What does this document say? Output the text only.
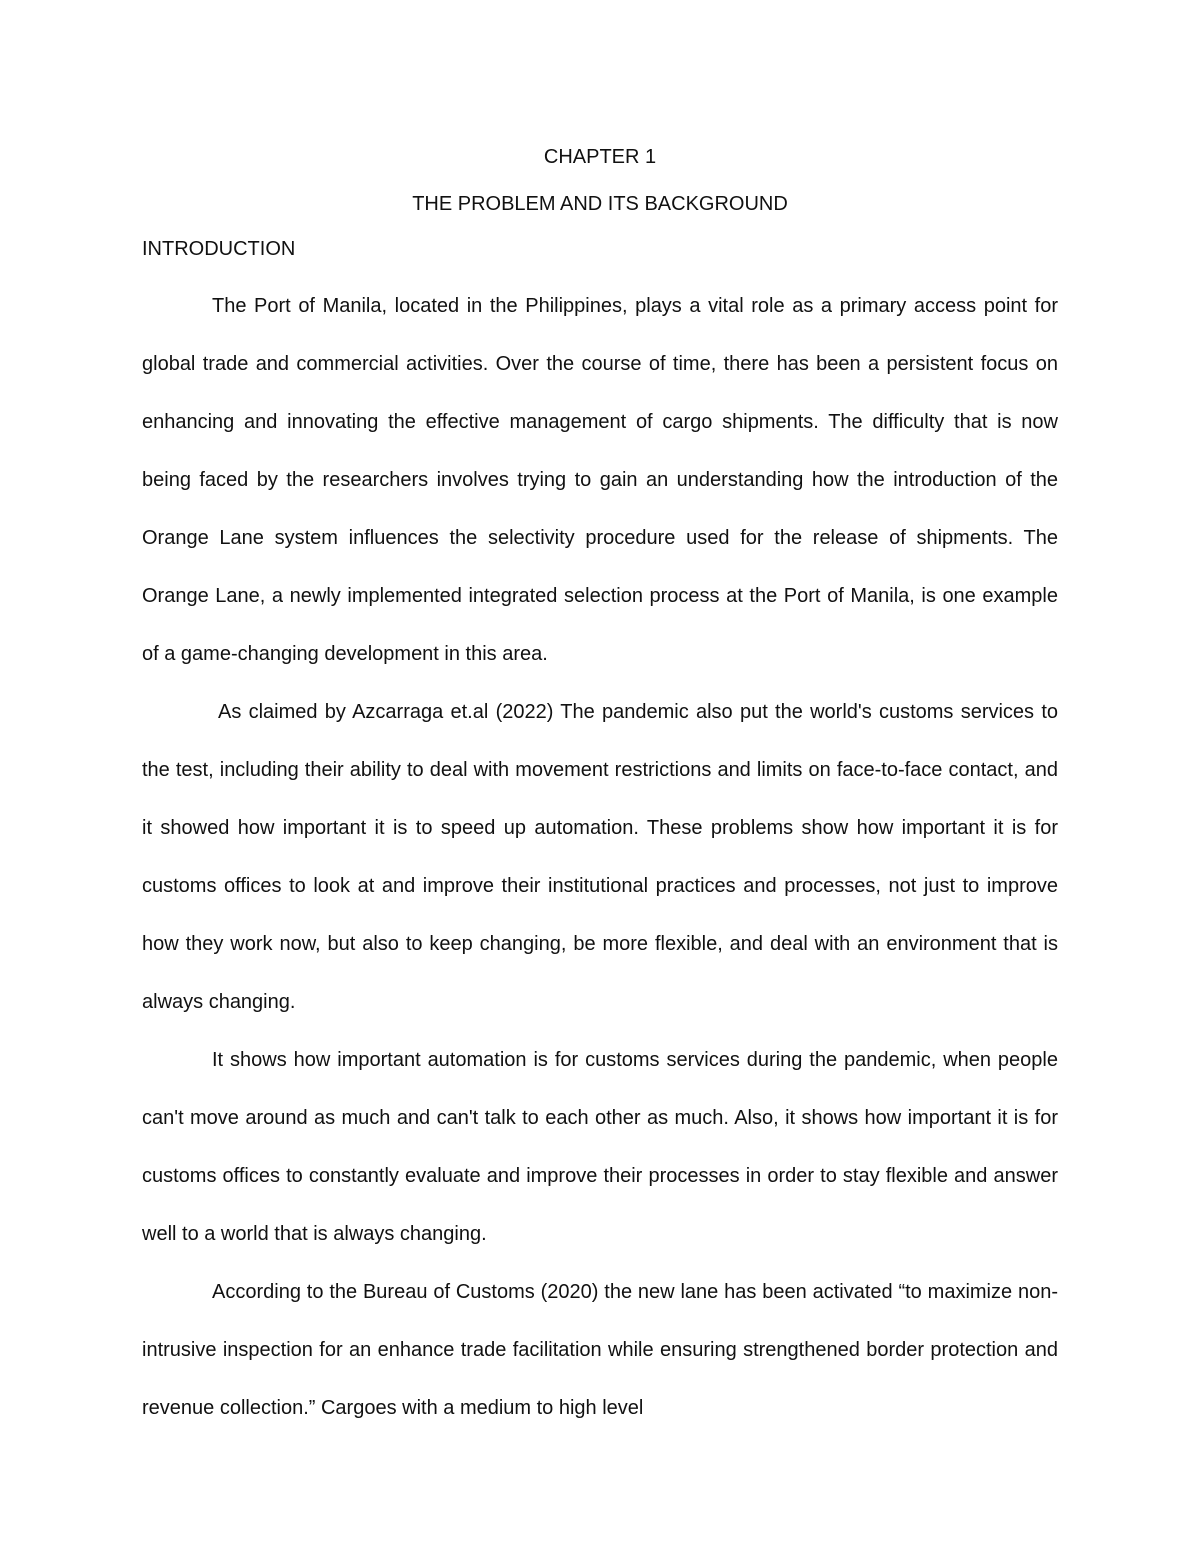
CHAPTER 1
THE PROBLEM AND ITS BACKGROUND
INTRODUCTION

The Port of Manila, located in the Philippines, plays a vital role as a primary access point for global trade and commercial activities. Over the course of time, there has been a persistent focus on enhancing and innovating the effective management of cargo shipments. The difficulty that is now being faced by the researchers involves trying to gain an understanding how the introduction of the Orange Lane system influences the selectivity procedure used for the release of shipments. The Orange Lane, a newly implemented integrated selection process at the Port of Manila, is one example of a game-changing development in this area.

As claimed by Azcarraga et.al (2022) The pandemic also put the world's customs services to the test, including their ability to deal with movement restrictions and limits on face-to-face contact, and it showed how important it is to speed up automation. These problems show how important it is for customs offices to look at and improve their institutional practices and processes, not just to improve how they work now, but also to keep changing, be more flexible, and deal with an environment that is always changing.

It shows how important automation is for customs services during the pandemic, when people can't move around as much and can't talk to each other as much. Also, it shows how important it is for customs offices to constantly evaluate and improve their processes in order to stay flexible and answer well to a world that is always changing.

According to the Bureau of Customs (2020) the new lane has been activated “to maximize non-intrusive inspection for an enhance trade facilitation while ensuring strengthened border protection and revenue collection.” Cargoes with a medium to high level
